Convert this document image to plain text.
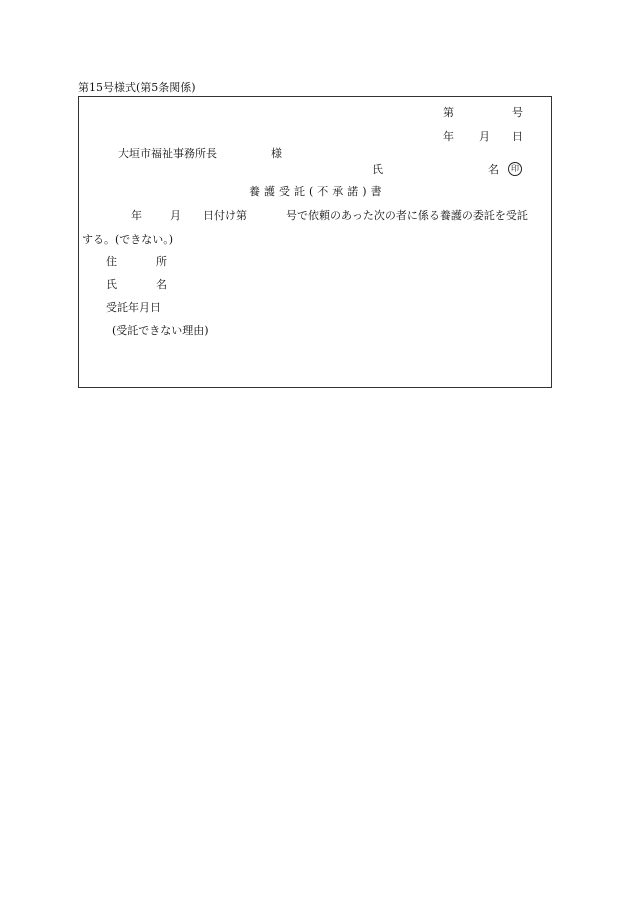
第15号様式(第5条関係)
第	号
年 月 日
大垣市福祉事務所長	様
氏	名	印
養護受託(不承諾)書
年	月 日付け第	号で依頼のあった次の者に係る養護の委託を受託
する。(できない。)
住	所
氏	名
受託年月日
(受託できない理由)
